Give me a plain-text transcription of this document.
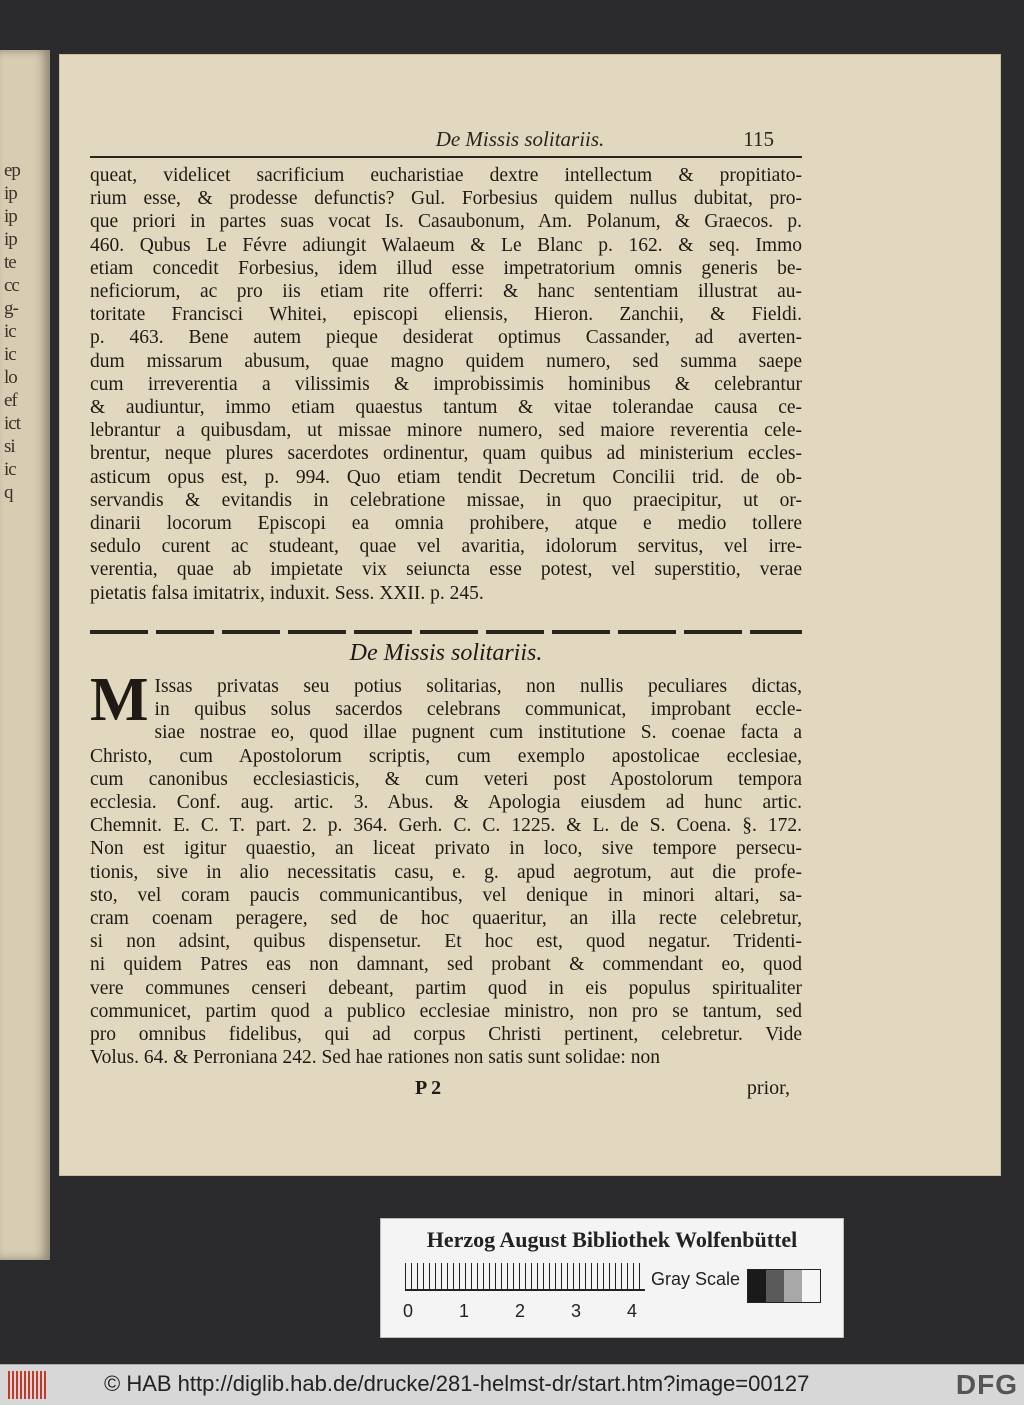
ep
ip
ip
ip
te
cc
g-
ic
ic
lo
ef
ict
si
ic
q
De Missis solitariis.	115
queat, videlicet sacrificium eucharistiae dextre intellectum & propitiato-
rium esse, & prodesse defunctis? Gul. Forbesius quidem nullus dubitat, pro-
que priori in partes suas vocat Is. Casaubonum, Am. Polanum, & Graecos. p.
460. Qubus Le Févre adiungit Walaeum & Le Blanc p. 162. & seq. Immo
etiam concedit Forbesius, idem illud esse impetratorium omnis generis be-
neficiorum, ac pro iis etiam rite offerri: & hanc sententiam illustrat au-
toritate Francisci Whitei, episcopi eliensis, Hieron. Zanchii, & Fieldi.
p. 463. Bene autem pieque desiderat optimus Cassander, ad averten-
dum missarum abusum, quae magno quidem numero, sed summa saepe
cum irreverentia a vilissimis & improbissimis hominibus & celebrantur
& audiuntur, immo etiam quaestus tantum & vitae tolerandae causa ce-
lebrantur a quibusdam, ut missae minore numero, sed maiore reverentia cele-
brentur, neque plures sacerdotes ordinentur, quam quibus ad ministerium eccles-
asticum opus est, p. 994. Quo etiam tendit Decretum Concilii trid. de ob-
servandis & evitandis in celebratione missae, in quo praecipitur, ut or-
dinarii locorum Episcopi ea omnia prohibere, atque e medio tollere
sedulo curent ac studeant, quae vel avaritia, idolorum servitus, vel irre-
verentia, quae ab impietate vix seiuncta esse potest, vel superstitio, verae
pietatis falsa imitatrix, induxit. Sess. XXII. p. 245.
De Missis solitariis.
M Issas privatas seu potius solitarias, non nullis peculiares dictas,
in quibus solus sacerdos celebrans communicat, improbant eccle-
siae nostrae eo, quod illae pugnent cum institutione S. coenae facta a
Christo, cum Apostolorum scriptis, cum exemplo apostolicae ecclesiae,
cum canonibus ecclesiasticis, & cum veteri post Apostolorum tempora
ecclesia. Conf. aug. artic. 3. Abus. & Apologia eiusdem ad hunc artic.
Chemnit. E. C. T. part. 2. p. 364. Gerh. C. C. 1225. & L. de S. Coena. §. 172.
Non est igitur quaestio, an liceat privato in loco, sive tempore persecu-
tionis, sive in alio necessitatis casu, e. g. apud aegrotum, aut die profe-
sto, vel coram paucis communicantibus, vel denique in minori altari, sa-
cram coenam peragere, sed de hoc quaeritur, an illa recte celebretur,
si non adsint, quibus dispensetur. Et hoc est, quod negatur. Tridenti-
ni quidem Patres eas non damnant, sed probant & commendant eo, quod
vere communes censeri debeant, partim quod in eis populus spiritualiter
communicet, partim quod a publico ecclesiae ministro, non pro se tantum, sed
pro omnibus fidelibus, qui ad corpus Christi pertinent, celebretur. Vide
Volus. 64. & Perroniana 242. Sed hae rationes non satis sunt solidae: non
P 2	prior,
Herzog August Bibliothek Wolfenbüttel
0	1	2	3	4
Gray Scale
© HAB http://diglib.hab.de/drucke/281-helmst-dr/start.htm?image=00127	DFG
